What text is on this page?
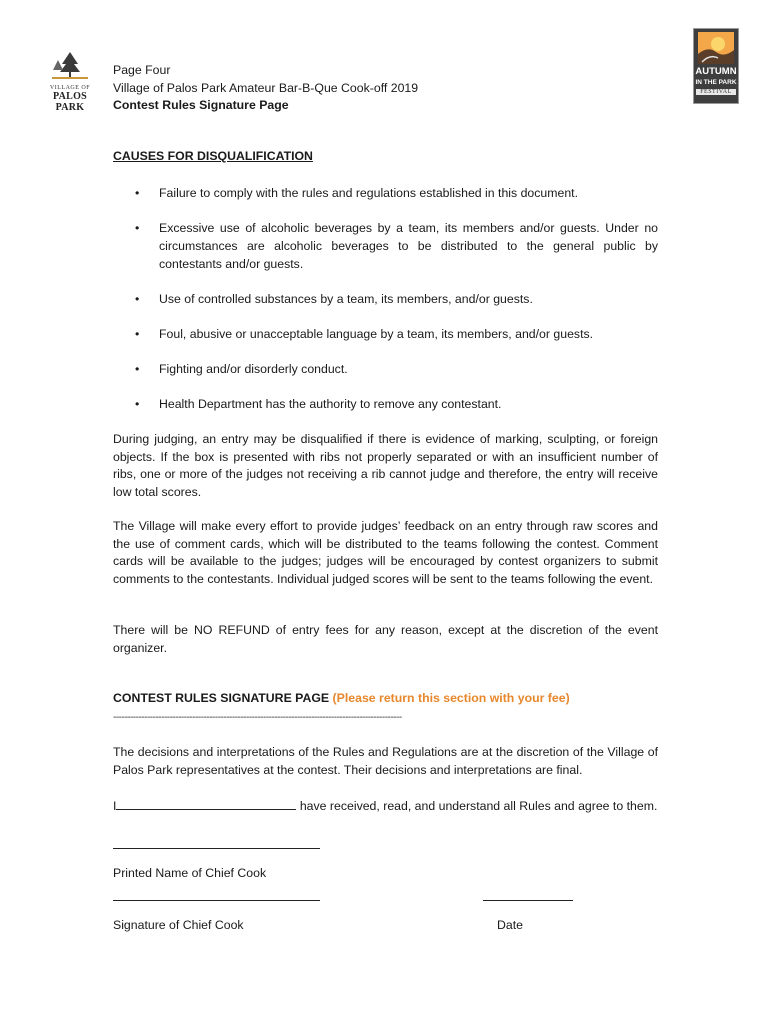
VILLAGE OF
PALOS PARK
AUTUMN
IN THE PARK
FESTIVAL
Page Four
Village of Palos Park Amateur Bar-B-Que Cook-off 2019
Contest Rules Signature Page
CAUSES FOR DISQUALIFICATION
• Failure to comply with the rules and regulations established in this document.
• Excessive use of alcoholic beverages by a team, its members and/or guests. Under no circumstances are alcoholic beverages to be distributed to the general public by contestants and/or guests.
• Use of controlled substances by a team, its members, and/or guests.
• Foul, abusive or unacceptable language by a team, its members, and/or guests.
• Fighting and/or disorderly conduct.
• Health Department has the authority to remove any contestant.
During judging, an entry may be disqualified if there is evidence of marking, sculpting, or foreign objects. If the box is presented with ribs not properly separated or with an insufficient number of ribs, one or more of the judges not receiving a rib cannot judge and therefore, the entry will receive low total scores.
The Village will make every effort to provide judges’ feedback on an entry through raw scores and the use of comment cards, which will be distributed to the teams following the contest. Comment cards will be available to the judges; judges will be encouraged by contest organizers to submit comments to the contestants. Individual judged scores will be sent to the teams following the event.
There will be NO REFUND of entry fees for any reason, except at the discretion of the event organizer.
CONTEST RULES SIGNATURE PAGE (Please return this section with your fee)
------------------------------------------------------------------------------------------------------
The decisions and interpretations of the Rules and Regulations are at the discretion of the Village of Palos Park representatives at the contest. Their decisions and interpretations are final.
I	have received, read, and understand all Rules and agree to them.
Printed Name of Chief Cook
Signature of Chief Cook	Date
